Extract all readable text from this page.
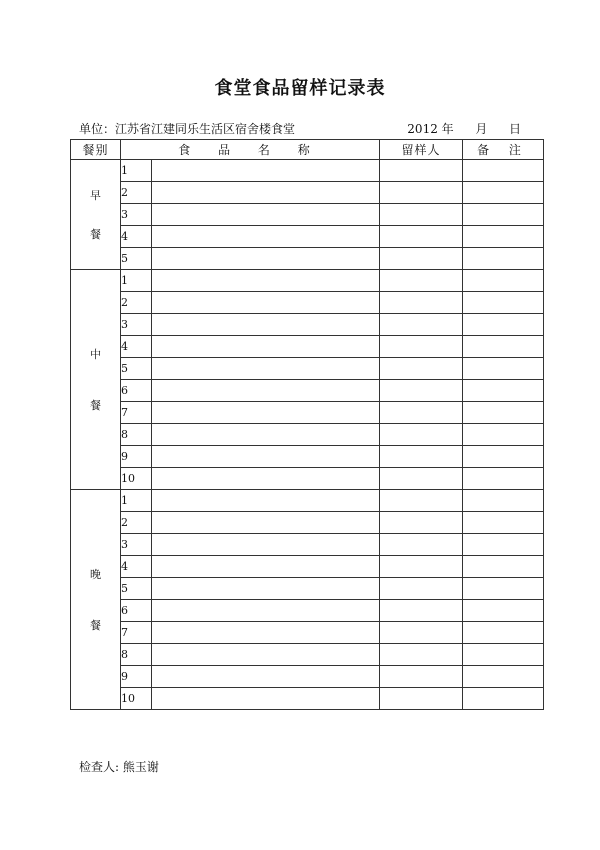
食堂食品留样记录表
单位：江苏省江建同乐生活区宿舍楼食堂	2012 年 月 日
餐别	食 品 名 称		留样人	备 注

早
餐	1			
	2			
	3			
	4			
	5			

中
餐	1			
	2			
	3			
	4			
	5			
	6			
	7			
	8			
	9			
	10			

晚
餐	1			
	2			
	3			
	4			
	5			
	6			
	7			
	8			
	9			
	10			
检查人: 熊玉谢
